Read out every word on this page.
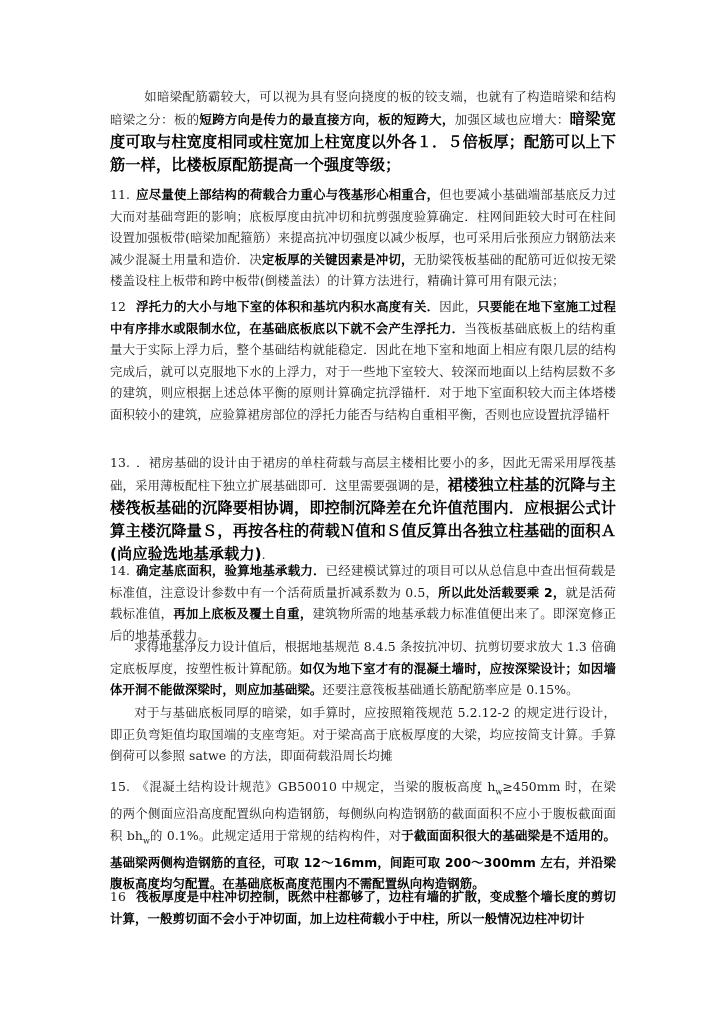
如暗梁配筋霸较大，可以视为具有竖向挠度的板的铰支端，也就有了构造暗梁和结构暗梁之分：板的短跨方向是传力的最直接方向，板的短跨大，加强区域也应增大：暗梁宽度可取与柱宽度相同或柱宽加上柱宽度以外各１．５倍板厚；配筋可以上下筋一样，比楼板原配筋提高一个强度等级；

11. 应尽量使上部结构的荷载合力重心与筏基形心相重合，但也要减小基础端部基底反力过大而对基础弯距的影响；底板厚度由抗冲切和抗剪强度验算确定．柱网间距较大时可在柱间设置加强板带(暗梁加配箍筋）来提高抗冲切强度以减少板厚，也可采用后张预应力钢筋法来减少混凝土用量和造价．决定板厚的关键因素是冲切，无肋梁筏板基础的配筋可近似按无梁楼盖设柱上板带和跨中板带(倒楼盖法）的计算方法进行，精确计算可用有限元法；

12 浮托力的大小与地下室的体积和基坑内积水高度有关．因此，只要能在地下室施工过程中有序排水或限制水位，在基础底板底以下就不会产生浮托力．当筏板基础底板上的结构重量大于实际上浮力后，整个基础结构就能稳定．因此在地下室和地面上相应有限几层的结构完成后，就可以克服地下水的上浮力，对于一些地下室较大、较深而地面以上结构层数不多的建筑，则应根据上述总体平衡的原则计算确定抗浮锚杆．对于地下室面积较大而主体塔楼面积较小的建筑，应验算裙房部位的浮托力能否与结构自重相平衡，否则也应设置抗浮锚杆

13. ．裙房基础的设计由于裙房的单柱荷载与高层主楼相比要小的多，因此无需采用厚筏基础，采用薄板配柱下独立扩展基础即可．这里需要强调的是，裙楼独立柱基的沉降与主楼筏板基础的沉降要相协调，即控制沉降差在允许值范围内．应根据公式计算主楼沉降量Ｓ，再按各柱的荷载Ｎ值和Ｓ值反算出各独立柱基础的面积Ａ(尚应验选地基承载力).

14. 确定基底面积，验算地基承载力．已经建模试算过的项目可以从总信息中查出恒荷载是标准值，注意设计参数中有一个活荷质量折减系数为 0.5，所以此处活载要乘 2，就是活荷载标准值，再加上底板及覆土自重，建筑物所需的地基承载力标准值便出来了。即深宽修正后的地基承载力。

求得地基净反力设计值后，根据地基规范 8.4.5 条按抗冲切、抗剪切要求放大 1.3 倍确定底板厚度，按塑性板计算配筋。如仅为地下室才有的混凝土墙时，应按深梁设计；如因墙体开洞不能做深梁时，则应加基础梁。还要注意筏板基础通长筋配筋率应是 0.15%。

对于与基础底板同厚的暗梁，如手算时，应按照箱筏规范 5.2.12-2 的规定进行设计，即正负弯矩值均取国端的支座弯矩。对于梁高高于底板厚度的大梁，均应按简支计算。手算倒荷可以参照 satwe 的方法，即面荷载沿周长均摊

15. 《混凝土结构设计规范》GB50010 中规定，当梁的腹板高度 $h_w\ge 450mm$ 时，在梁的两个侧面应沿高度配置纵向构造钢筋，每侧纵向构造钢筋的截面面积不应小于腹板截面面积 $bh_w$的 0.1%。此规定适用于常规的结构构件，对于截面面积很大的基础梁是不适用的。基础梁两侧构造钢筋的直径，可取 12～16mm，间距可取 200～300mm 左右，并沿梁腹板高度均匀配置。在基础底板高度范围内不需配置纵向构造钢筋。

16 筏板厚度是中柱冲切控制，既然中柱都够了，边柱有墙的扩散，变成整个墙长度的剪切计算，一般剪切面不会小于冲切面，加上边柱荷载小于中柱，所以一般情况边柱冲切计
